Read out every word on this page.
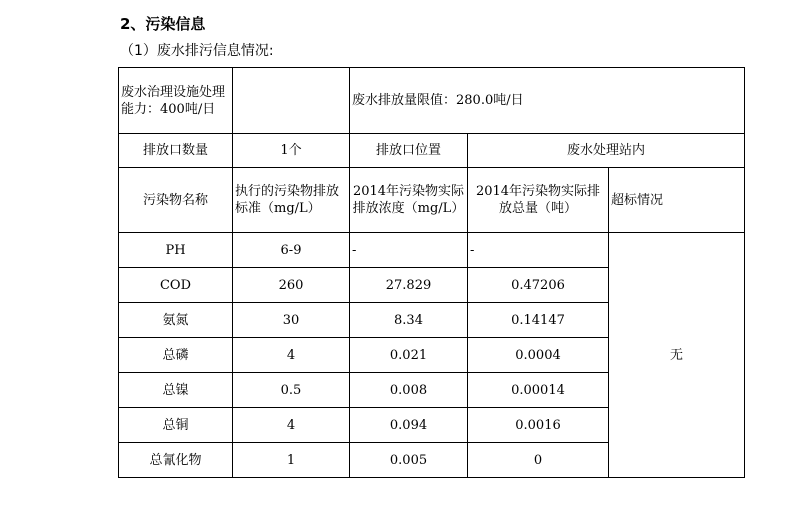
2、污染信息
（1）废水排污信息情况:
废水治理设施处理能力：400吨/日		废水排放量限值：280.0吨/日		
排放口数量	1个	排放口位置	废水处理站内	
污染物名称	执行的污染物排放标准（mg/L）	2014年污染物实际排放浓度（mg/L）	2014年污染物实际排放总量（吨）	超标情况
PH	6-9	-	-	无
COD	260	27.829	0.47206	
氨氮	30	8.34	0.14147	
总磷	4	0.021	0.0004	
总镍	0.5	0.008	0.00014	
总铜	4	0.094	0.0016	
总氰化物	1	0.005	0	
